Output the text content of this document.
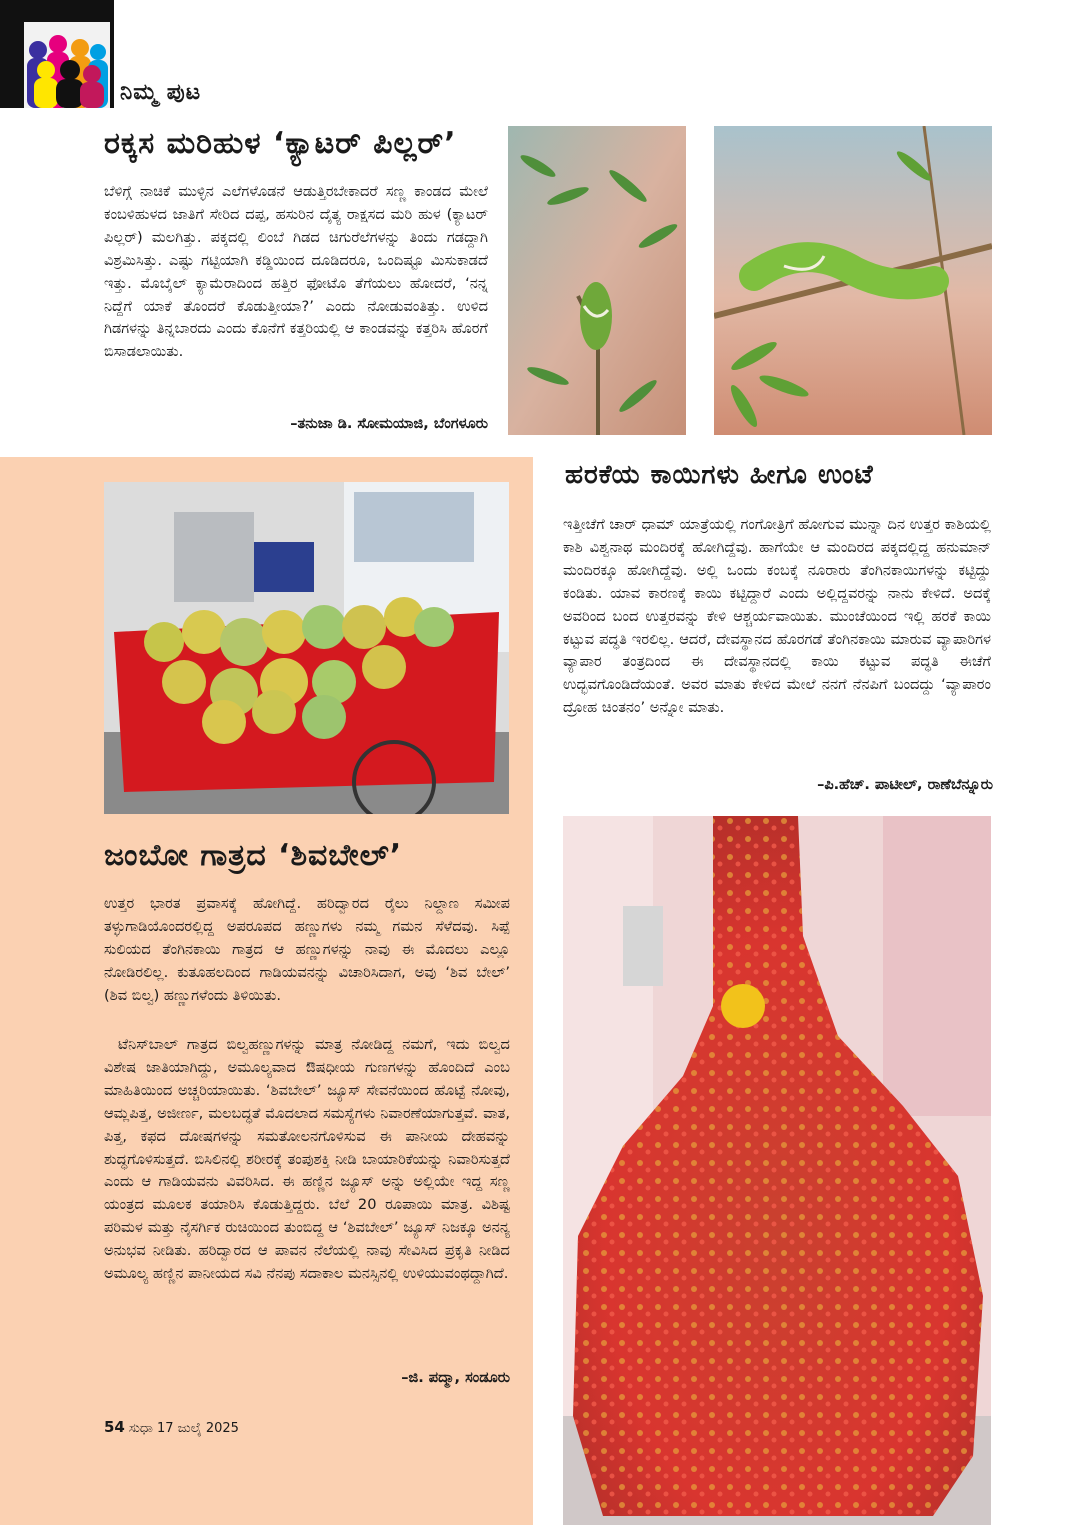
ನಿಮ್ಮ ಪುಟ
ರಕ್ಕಸ ಮರಿಹುಳ ‘ಕ್ಯಾಟರ್ ಪಿಲ್ಲರ್’
ಬೆಳಿಗ್ಗೆ ನಾಚಿಕೆ ಮುಳ್ಳಿನ ಎಲೆಗಳೊಡನೆ ಆಡುತ್ತಿರಬೇಕಾದರೆ ಸಣ್ಣ ಕಾಂಡದ ಮೇಲೆ ಕಂಬಳಿಹುಳದ ಜಾತಿಗೆ ಸೇರಿದ ದಪ್ಪ, ಹಸುರಿನ ದೈತ್ಯ ರಾಕ್ಷಸದ ಮರಿ ಹುಳ (ಕ್ಯಾಟರ್ ಪಿಲ್ಲರ್) ಮಲಗಿತ್ತು. ಪಕ್ಕದಲ್ಲಿ ಲಿಂಬೆ ಗಿಡದ ಚಿಗುರೆಲೆಗಳನ್ನು ತಿಂದು ಗಡದ್ದಾಗಿ ವಿಶ್ರಮಿಸಿತ್ತು. ಎಷ್ಟು ಗಟ್ಟಿಯಾಗಿ ಕಡ್ಡಿಯಿಂದ ದೂಡಿದರೂ, ಒಂದಿಷ್ಟೂ ಮಿಸುಕಾಡದೆ ಇತ್ತು. ಮೊಬೈಲ್ ಕ್ಯಾಮೆರಾದಿಂದ ಹತ್ತಿರ ಫೋಟೊ ತೆಗೆಯಲು ಹೋದರೆ, ‘ನನ್ನ ನಿದ್ದೆಗೆ ಯಾಕೆ ತೊಂದರೆ ಕೊಡುತ್ತೀಯಾ?’ ಎಂದು ನೋಡುವಂತಿತ್ತು. ಉಳಿದ ಗಿಡಗಳನ್ನು ತಿನ್ನಬಾರದು ಎಂದು ಕೊನೆಗೆ ಕತ್ತರಿಯಲ್ಲಿ ಆ ಕಾಂಡವನ್ನು ಕತ್ತರಿಸಿ ಹೊರಗೆ ಬಿಸಾಡಲಾಯಿತು.
–ತನುಜಾ ಡಿ. ಸೋಮಯಾಜಿ, ಬೆಂಗಳೂರು
ಹರಕೆಯ ಕಾಯಿಗಳು ಹೀಗೂ ಉಂಟೆ
ಇತ್ತೀಚೆಗೆ ಚಾರ್ ಧಾಮ್ ಯಾತ್ರೆಯಲ್ಲಿ ಗಂಗೋತ್ರಿಗೆ ಹೋಗುವ ಮುನ್ನಾ ದಿನ ಉತ್ತರ ಕಾಶಿಯಲ್ಲಿ ಕಾಶಿ ವಿಶ್ವನಾಥ ಮಂದಿರಕ್ಕೆ ಹೋಗಿದ್ದೆವು. ಹಾಗೆಯೇ ಆ ಮಂದಿರದ ಪಕ್ಕದಲ್ಲಿದ್ದ ಹನುಮಾನ್ ಮಂದಿರಕ್ಕೂ ಹೋಗಿದ್ದೆವು. ಅಲ್ಲಿ ಒಂದು ಕಂಬಕ್ಕೆ ನೂರಾರು ತೆಂಗಿನಕಾಯಿಗಳನ್ನು ಕಟ್ಟಿದ್ದು ಕಂಡಿತು. ಯಾವ ಕಾರಣಕ್ಕೆ ಕಾಯಿ ಕಟ್ಟಿದ್ದಾರೆ ಎಂದು ಅಲ್ಲಿದ್ದವರನ್ನು ನಾನು ಕೇಳಿದೆ. ಅದಕ್ಕೆ ಅವರಿಂದ ಬಂದ ಉತ್ತರವನ್ನು ಕೇಳಿ ಆಶ್ಚರ್ಯವಾಯಿತು. ಮುಂಚೆಯಿಂದ ಇಲ್ಲಿ ಹರಕೆ ಕಾಯಿ ಕಟ್ಟುವ ಪದ್ಧತಿ ಇರಲಿಲ್ಲ. ಆದರೆ, ದೇವಸ್ಥಾನದ ಹೊರಗಡೆ ತೆಂಗಿನಕಾಯಿ ಮಾರುವ ವ್ಯಾಪಾರಿಗಳ ವ್ಯಾಪಾರ ತಂತ್ರದಿಂದ ಈ ದೇವಸ್ಥಾನದಲ್ಲಿ ಕಾಯಿ ಕಟ್ಟುವ ಪದ್ಧತಿ ಈಚೆಗೆ ಉದ್ಭವಗೊಂಡಿದೆಯಂತೆ. ಅವರ ಮಾತು ಕೇಳಿದ ಮೇಲೆ ನನಗೆ ನೆನಪಿಗೆ ಬಂದದ್ದು ‘ವ್ಯಾಪಾರಂ ದ್ರೋಹ ಚಿಂತನಂ’ ಅನ್ನೋ ಮಾತು.
–ಪಿ.ಹೆಚ್. ಪಾಟೀಲ್, ರಾಣೆಬೆನ್ನೂರು
ಜಂಬೋ ಗಾತ್ರದ ‘ಶಿವಬೇಲ್’
ಉತ್ತರ ಭಾರತ ಪ್ರವಾಸಕ್ಕೆ ಹೋಗಿದ್ದೆ. ಹರಿದ್ವಾರದ ರೈಲು ನಿಲ್ದಾಣ ಸಮೀಪ ತಳ್ಳುಗಾಡಿಯೊಂದರಲ್ಲಿದ್ದ ಅಪರೂಪದ ಹಣ್ಣುಗಳು ನಮ್ಮ ಗಮನ ಸೆಳೆದವು. ಸಿಪ್ಪೆ ಸುಲಿಯದ ತೆಂಗಿನಕಾಯಿ ಗಾತ್ರದ ಆ ಹಣ್ಣುಗಳನ್ನು ನಾವು ಈ ಮೊದಲು ಎಲ್ಲೂ ನೋಡಿರಲಿಲ್ಲ. ಕುತೂಹಲದಿಂದ ಗಾಡಿಯವನನ್ನು ವಿಚಾರಿಸಿದಾಗ, ಅವು ‘ಶಿವ ಬೇಲ್’ (ಶಿವ ಬಿಲ್ವ) ಹಣ್ಣುಗಳೆಂದು ತಿಳಿಯಿತು.
ಟೆನಿಸ್‌ಬಾಲ್ ಗಾತ್ರದ ಬಿಲ್ವಹಣ್ಣುಗಳನ್ನು ಮಾತ್ರ ನೋಡಿದ್ದ ನಮಗೆ, ಇದು ಬಿಲ್ವದ ವಿಶೇಷ ಜಾತಿಯಾಗಿದ್ದು, ಅಮೂಲ್ಯವಾದ ಔಷಧೀಯ ಗುಣಗಳನ್ನು ಹೊಂದಿದೆ ಎಂಬ ಮಾಹಿತಿಯಿಂದ ಅಚ್ಚರಿಯಾಯಿತು. ‘ಶಿವಬೇಲ್’ ಜ್ಯೂಸ್ ಸೇವನೆಯಿಂದ ಹೊಟ್ಟೆ ನೋವು, ಆಮ್ಲಪಿತ್ತ, ಅಜೀರ್ಣ, ಮಲಬದ್ಧತೆ ಮೊದಲಾದ ಸಮಸ್ಯೆಗಳು ನಿವಾರಣೆಯಾಗುತ್ತವೆ. ವಾತ, ಪಿತ್ತ, ಕಫದ ದೋಷಗಳನ್ನು ಸಮತೋಲನಗೊಳಿಸುವ ಈ ಪಾನೀಯ ದೇಹವನ್ನು ಶುದ್ಧಗೊಳಿಸುತ್ತದೆ. ಬಿಸಿಲಿನಲ್ಲಿ ಶರೀರಕ್ಕೆ ತಂಪುಶಕ್ತಿ ನೀಡಿ ಬಾಯಾರಿಕೆಯನ್ನು ನಿವಾರಿಸುತ್ತದೆ ಎಂದು ಆ ಗಾಡಿಯವನು ವಿವರಿಸಿದ. ಈ ಹಣ್ಣಿನ ಜ್ಯೂಸ್ ಅನ್ನು ಅಲ್ಲಿಯೇ ಇದ್ದ ಸಣ್ಣ ಯಂತ್ರದ ಮೂಲಕ ತಯಾರಿಸಿ ಕೊಡುತ್ತಿದ್ದರು. ಬೆಲೆ 20 ರೂಪಾಯಿ ಮಾತ್ರ. ವಿಶಿಷ್ಟ ಪರಿಮಳ ಮತ್ತು ನೈಸರ್ಗಿಕ ರುಚಿಯಿಂದ ತುಂಬಿದ್ದ ಆ ‘ಶಿವಬೇಲ್’ ಜ್ಯೂಸ್ ನಿಜಕ್ಕೂ ಅನನ್ಯ ಅನುಭವ ನೀಡಿತು. ಹರಿದ್ವಾರದ ಆ ಪಾವನ ನೆಲೆಯಲ್ಲಿ ನಾವು ಸೇವಿಸಿದ ಪ್ರಕೃತಿ ನೀಡಿದ ಅಮೂಲ್ಯ ಹಣ್ಣಿನ ಪಾನೀಯದ ಸವಿ ನೆನಪು ಸದಾಕಾಲ ಮನಸ್ಸಿನಲ್ಲಿ ಉಳಿಯುವಂಥದ್ದಾಗಿದೆ.
–ಜಿ. ಪದ್ಮಾ, ಸಂಡೂರು
54 ಸುಧಾ 17 ಜುಲೈ 2025
